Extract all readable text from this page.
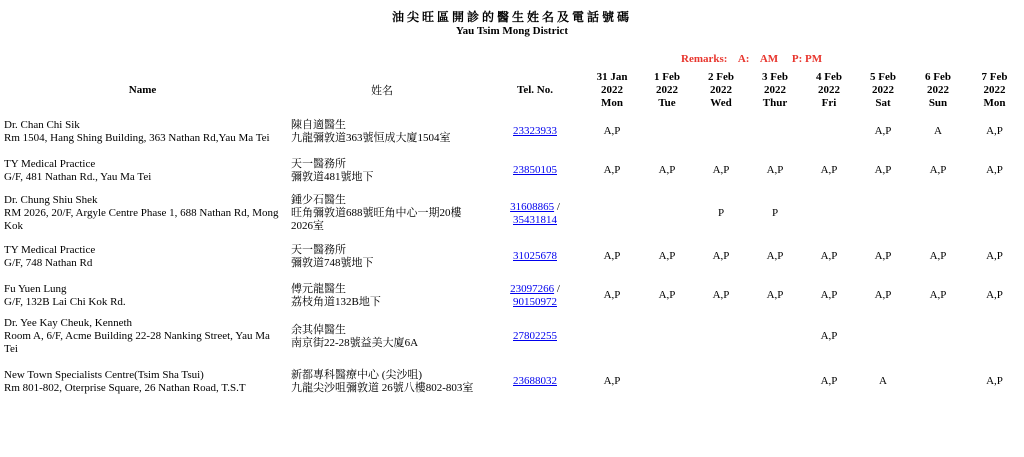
油尖旺區開診的醫生姓名及電話號碼
Yau Tsim Mong District
Remarks:    A:    AM     P: PM
Name	姓名	Tel. No.	31 Jan
2022
Mon	1 Feb
2022
Tue	2 Feb
2022
Wed	3 Feb
2022
Thur	4 Feb
2022
Fri	5 Feb
2022
Sat	6 Feb
2022
Sun	7 Feb
2022
Mon

Dr. Chan Chi Sik
Rm 1504, Hang Shing Building, 363 Nathan Rd,Yau Ma Tei	陳自適醫生
九龍彌敦道363號恒成大廈1504室	23323933	A,P					A,P	A	A,P

TY Medical Practice
G/F, 481 Nathan Rd., Yau Ma Tei	天一醫務所
彌敦道481號地下	23850105	A,P	A,P	A,P	A,P	A,P	A,P	A,P	A,P

Dr. Chung Shiu Shek
RM 2026, 20/F, Argyle Centre Phase 1, 688 Nathan Rd, Mong Kok	鍾少石醫生
旺角彌敦道688號旺角中心一期20樓2026室	31608865 /
35431814			P	P				

TY Medical Practice
G/F, 748 Nathan Rd	天一醫務所
彌敦道748號地下	31025678	A,P	A,P	A,P	A,P	A,P	A,P	A,P	A,P

Fu Yuen Lung
G/F, 132B Lai Chi Kok Rd.	傅元龍醫生
荔枝角道132B地下	23097266 /
90150972	A,P	A,P	A,P	A,P	A,P	A,P	A,P	A,P

Dr. Yee Kay Cheuk, Kenneth
Room A, 6/F, Acme Building 22-28 Nanking Street, Yau Ma Tei	余其倬醫生
南京街22-28號益美大廈6A	27802255					A,P			

New Town Specialists Centre(Tsim Sha Tsui)
Rm 801-802, Oterprise Square, 26 Nathan Road, T.S.T	新都專科醫療中心 (尖沙咀)
九龍尖沙咀彌敦道 26號八樓802-803室	23688032	A,P				A,P	A		A,P
